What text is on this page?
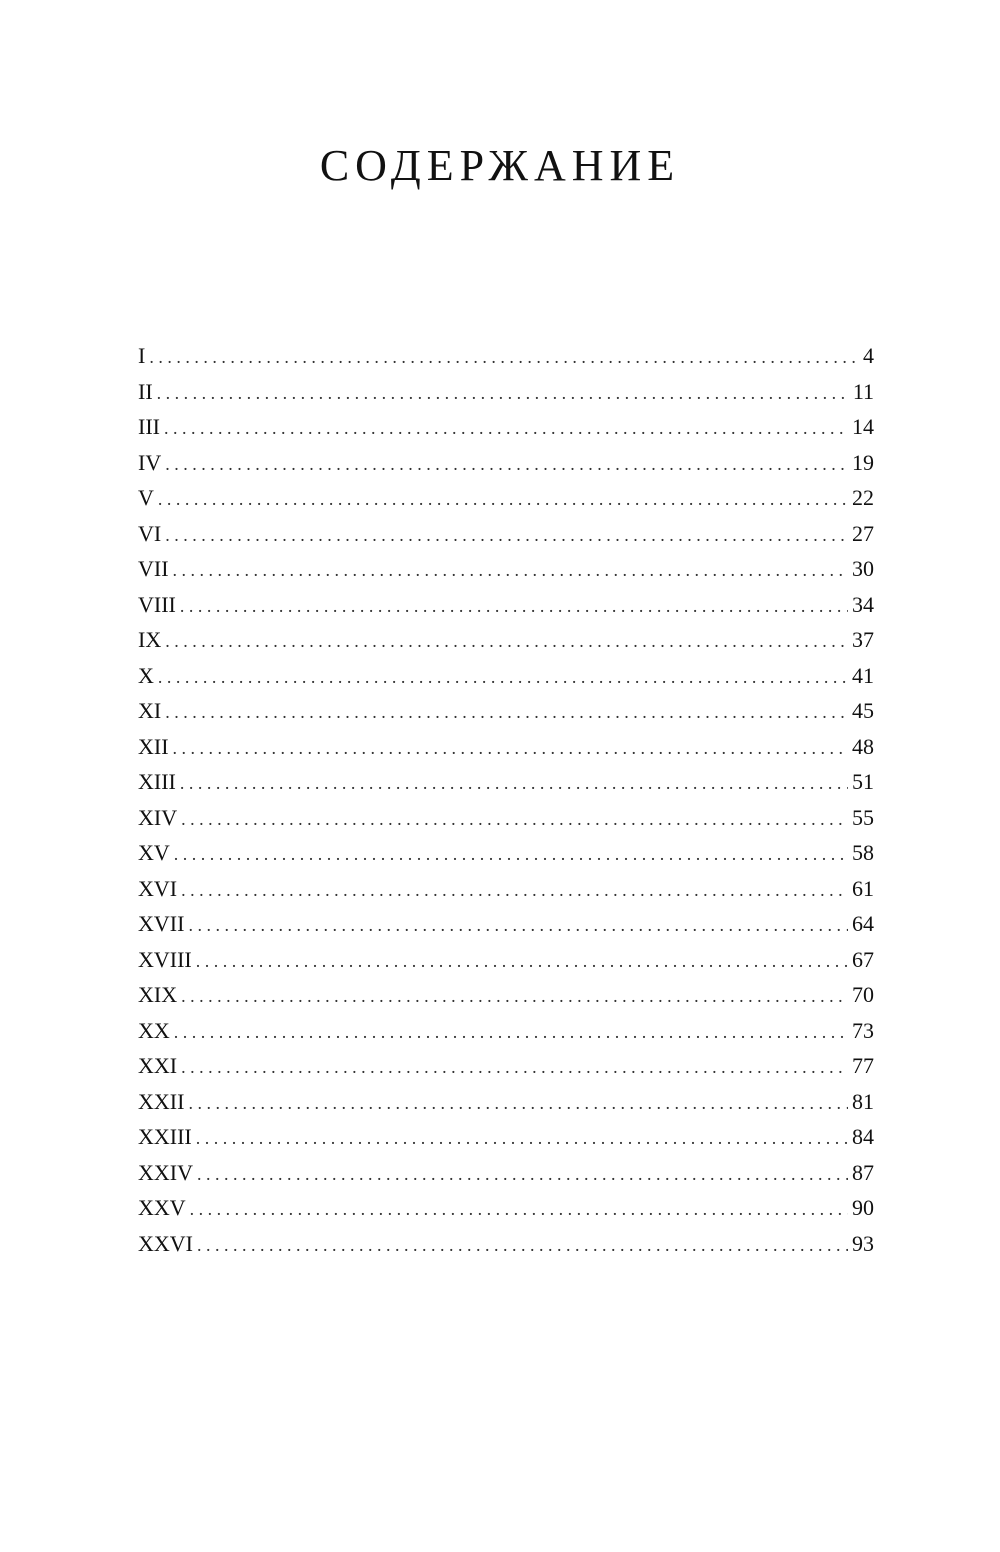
СОДЕРЖАНИЕ
I . . .	4
II . . .	11
III . . .	14
IV . . .	19
V . . .	22
VI . . .	27
VII . . .	30
VIII . . .	34
IX . . .	37
X . . .	41
XI . . .	45
XII . . .	48
XIII . . .	51
XIV . . .	55
XV . . .	58
XVI . . .	61
XVII . . .	64
XVIII . . .	67
XIX . . .	70
XX . . .	73
XXI . . .	77
XXII . . .	81
XXIII . . .	84
XXIV . . .	87
XXV . . .	90
XXVI . . .	93
